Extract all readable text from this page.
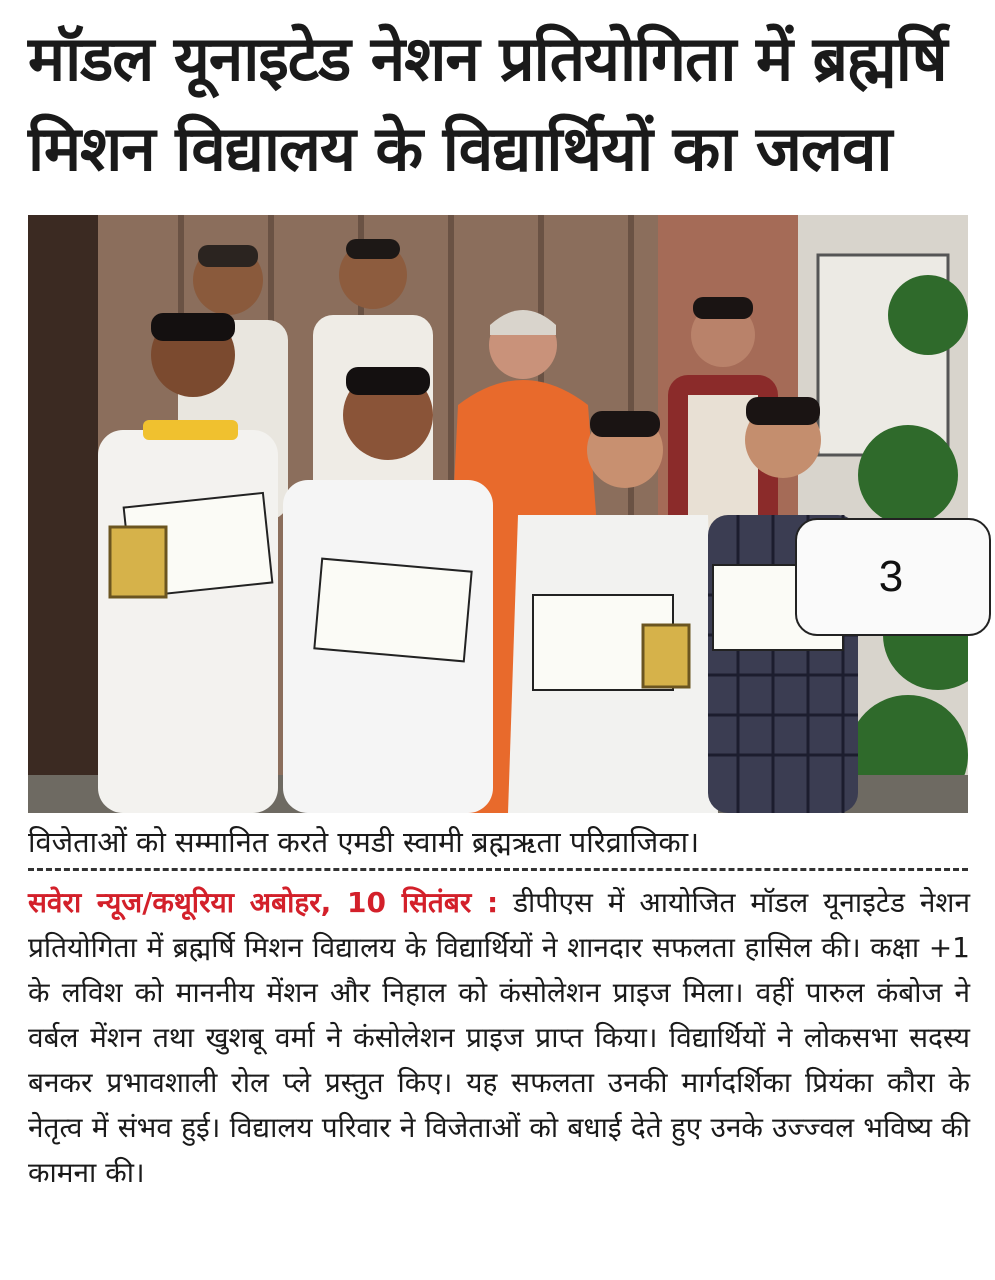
मॉडल यूनाइटेड नेशन प्रतियोगिता में ब्रह्मर्षि मिशन विद्यालय के विद्यार्थियों का जलवा
3
विजेताओं को सम्मानित करते एमडी स्वामी ब्रह्मऋता परिव्राजिका।
सवेरा न्यूज/कथूरिया अबोहर, 10 सितंबर : डीपीएस में आयोजित मॉडल यूनाइटेड नेशन प्रतियोगिता में ब्रह्मर्षि मिशन विद्यालय के विद्यार्थियों ने शानदार सफलता हासिल की। कक्षा +1 के लविश को माननीय मेंशन और निहाल को कंसोलेशन प्राइज मिला। वहीं पारुल कंबोज ने वर्बल मेंशन तथा खुशबू वर्मा ने कंसोलेशन प्राइज प्राप्त किया। विद्यार्थियों ने लोकसभा सदस्य बनकर प्रभावशाली रोल प्ले प्रस्तुत किए। यह सफलता उनकी मार्गदर्शिका प्रियंका कौरा के नेतृत्व में संभव हुई। विद्यालय परिवार ने विजेताओं को बधाई देते हुए उनके उज्ज्वल भविष्य की कामना की।
